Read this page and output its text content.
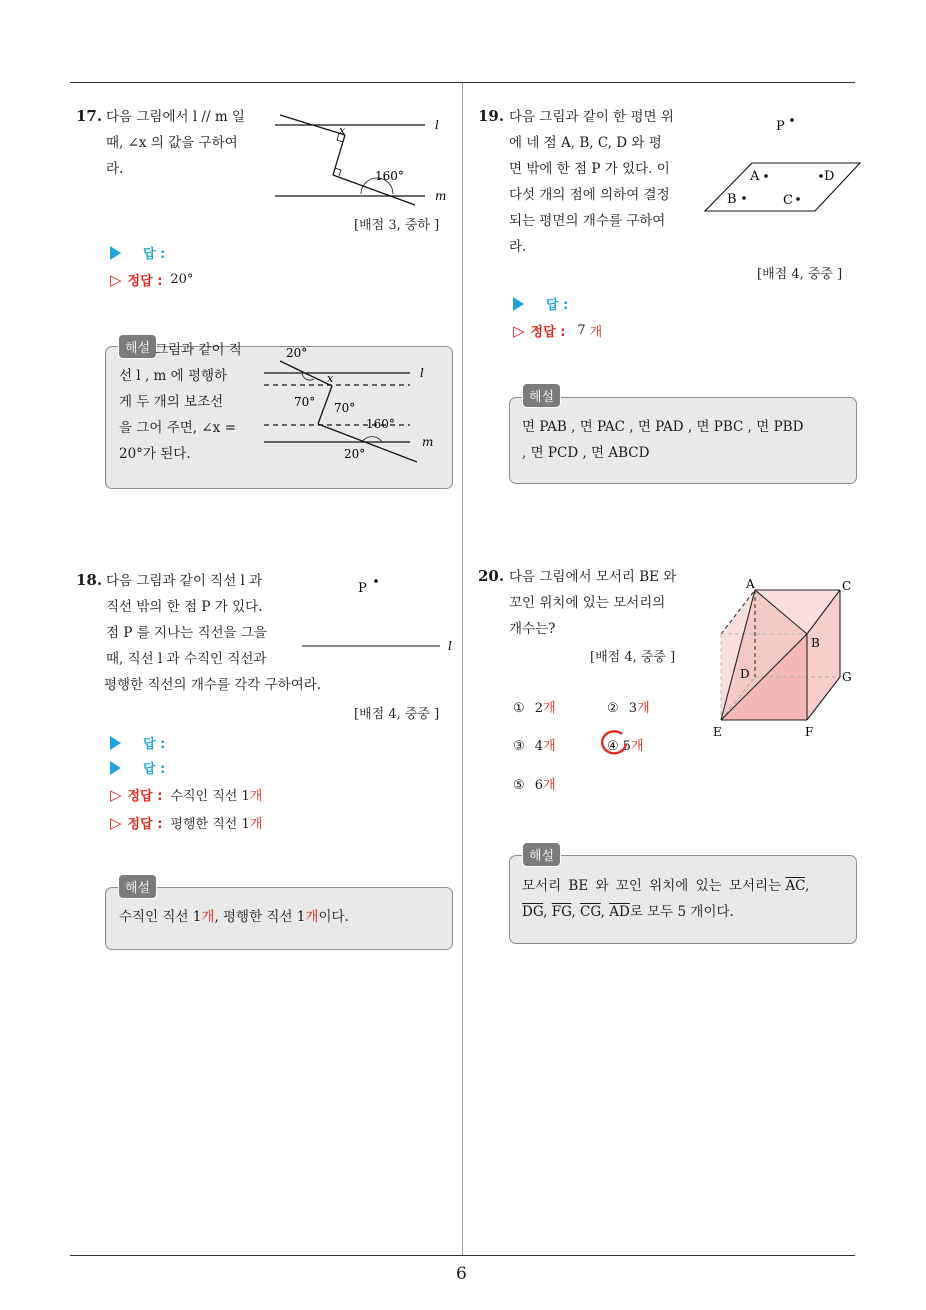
6
17. 다음 그림에서 l // m 일
때, ∠x 의 값을 구하여
라.
x
160°
l
m
[배점 3, 중하 ]
답 :
▷ 정답 : 20°
해설 그림과 같이 직
선 l , m 에 평행하
게 두 개의 보조선
을 그어 주면, ∠x =
20°가 된다.
20°
x
70° 70°
160°
20°
l
m
18. 다음 그림과 같이 직선 l 과
직선 밖의 한 점 P 가 있다.
점 P 를 지나는 직선을 그을
때, 직선 l 과 수직인 직선과
평행한 직선의 개수를 각각 구하여라.
P
l
[배점 4, 중중 ]
답 :
답 :
▷ 정답 : 수직인 직선 1 개
▷ 정답 : 평행한 직선 1 개
해설
수직인 직선 1개, 평행한 직선 1개이다.
19. 다음 그림과 같이 한 평면 위
에 네 점 A, B, C, D 와 평
면 밖에 한 점 P 가 있다. 이
다섯 개의 점에 의하여 결정
되는 평면의 개수를 구하여
라.
P
A	D
B	C
[배점 4, 중중 ]
답 :
▷ 정답 : 7 개
해설
면 PAB , 면 PAC , 면 PAD , 면 PBC , 면 PBD
, 면 PCD , 면 ABCD
20. 다음 그림에서 모서리 BE 와
꼬인 위치에 있는 모서리의
개수는?
[배점 4, 중중 ]
① 2개	② 3개
③ 4개	④ 5개
⑤ 6개
A	C
B
D	G
E	F
해설
모서리 BE 와 꼬인 위치에 있는 모서리는 $\overline{AC}$,
$\overline{DG}$, $\overline{FG}$, $\overline{CG}$, $\overline{AD}$로 모두 5 개이다.
